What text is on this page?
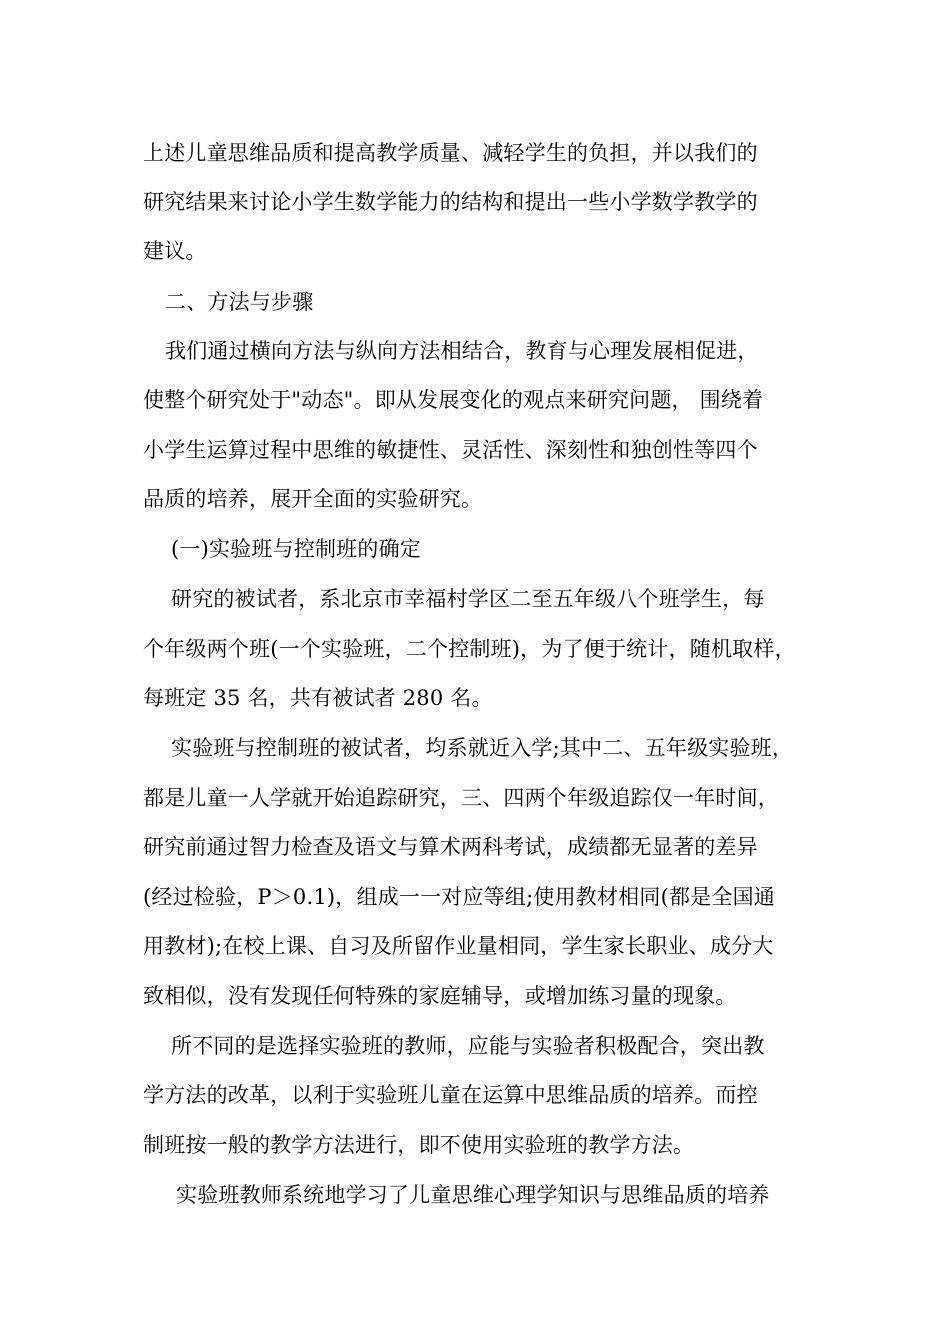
上述儿童思维品质和提高教学质量、减轻学生的负担，并以我们的
研究结果来讨论小学生数学能力的结构和提出一些小学数学教学的
建议。
二、方法与步骤
我们通过横向方法与纵向方法相结合，教育与心理发展相促进，
使整个研究处于"动态"。即从发展变化的观点来研究问题， 围绕着
小学生运算过程中思维的敏捷性、灵活性、深刻性和独创性等四个
品质的培养，展开全面的实验研究。
(一)实验班与控制班的确定
研究的被试者，系北京市幸福村学区二至五年级八个班学生，每
个年级两个班(一个实验班，二个控制班)，为了便于统计，随机取样，
每班定 35 名，共有被试者 280 名。
实验班与控制班的被试者，均系就近入学;其中二、五年级实验班，
都是儿童一人学就开始追踪研究，三、四两个年级追踪仅一年时间，
研究前通过智力检查及语文与算术两科考试，成绩都无显著的差异
(经过检验，P＞0.1)，组成一一对应等组;使用教材相同(都是全国通
用教材);在校上课、自习及所留作业量相同，学生家长职业、成分大
致相似，没有发现任何特殊的家庭辅导，或增加练习量的现象。
所不同的是选择实验班的教师，应能与实验者积极配合，突出教
学方法的改革，以利于实验班儿童在运算中思维品质的培养。而控
制班按一般的教学方法进行，即不使用实验班的教学方法。
实验班教师系统地学习了儿童思维心理学知识与思维品质的培养
